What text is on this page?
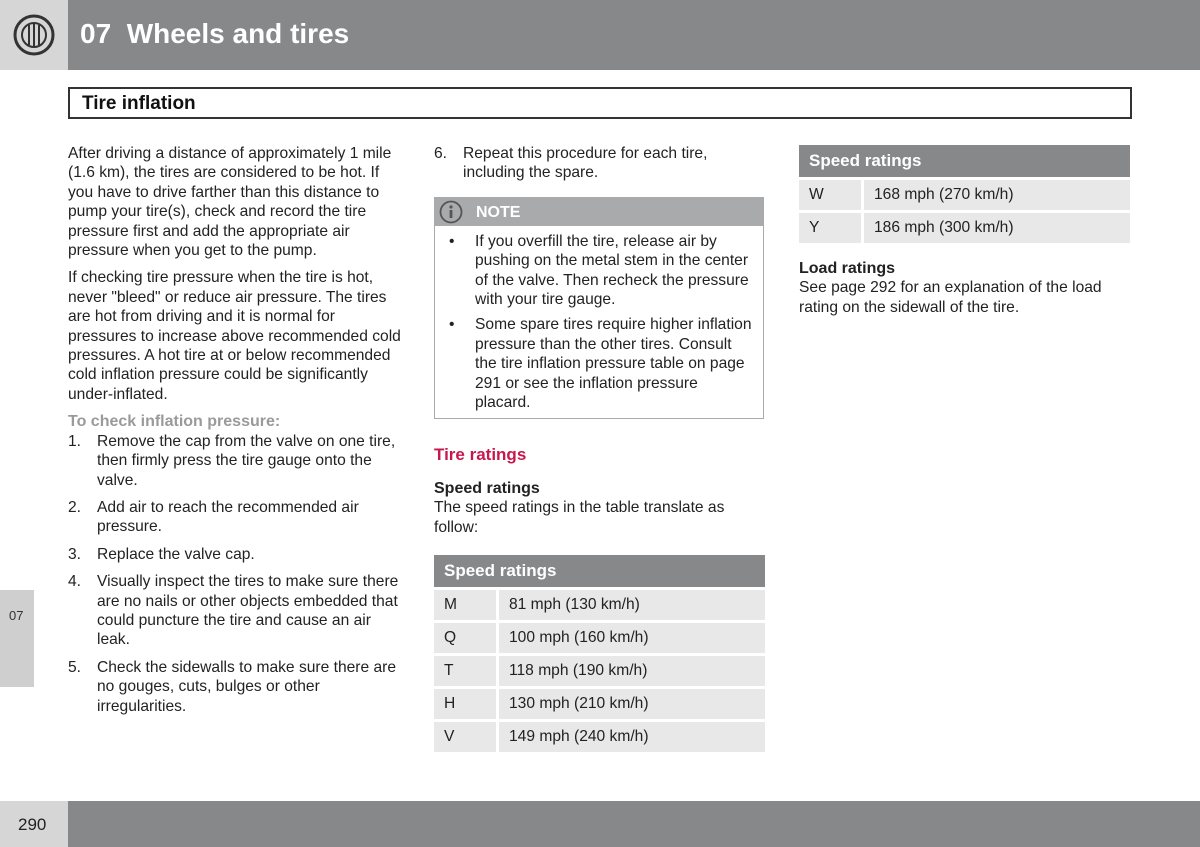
07  Wheels and tires
Tire inflation

After driving a distance of approximately 1 mile (1.6 km), the tires are considered to be hot. If you have to drive farther than this distance to pump your tire(s), check and record the tire pressure first and add the appropriate air pressure when you get to the pump.

If checking tire pressure when the tire is hot, never "bleed" or reduce air pressure. The tires are hot from driving and it is normal for pressures to increase above recommended cold pressures. A hot tire at or below recommended cold inflation pressure could be significantly under-inflated.

To check inflation pressure:
1. Remove the cap from the valve on one tire, then firmly press the tire gauge onto the valve.
2. Add air to reach the recommended air pressure.
3. Replace the valve cap.
4. Visually inspect the tires to make sure there are no nails or other objects embedded that could puncture the tire and cause an air leak.
5. Check the sidewalls to make sure there are no gouges, cuts, bulges or other irregularities.
6. Repeat this procedure for each tire, including the spare.
NOTE
• If you overfill the tire, release air by pushing on the metal stem in the center of the valve. Then recheck the pressure with your tire gauge.
• Some spare tires require higher inflation pressure than the other tires. Consult the tire inflation pressure table on page 291 or see the inflation pressure placard.
Tire ratings
Speed ratings
The speed ratings in the table translate as follow:
Speed ratings	
M	81 mph (130 km/h)
Q	100 mph (160 km/h)
T	118 mph (190 km/h)
H	130 mph (210 km/h)
V	149 mph (240 km/h)
Speed ratings	
W	168 mph (270 km/h)
Y	186 mph (300 km/h)
Load ratings
See page 292 for an explanation of the load rating on the sidewall of the tire.
07
290
